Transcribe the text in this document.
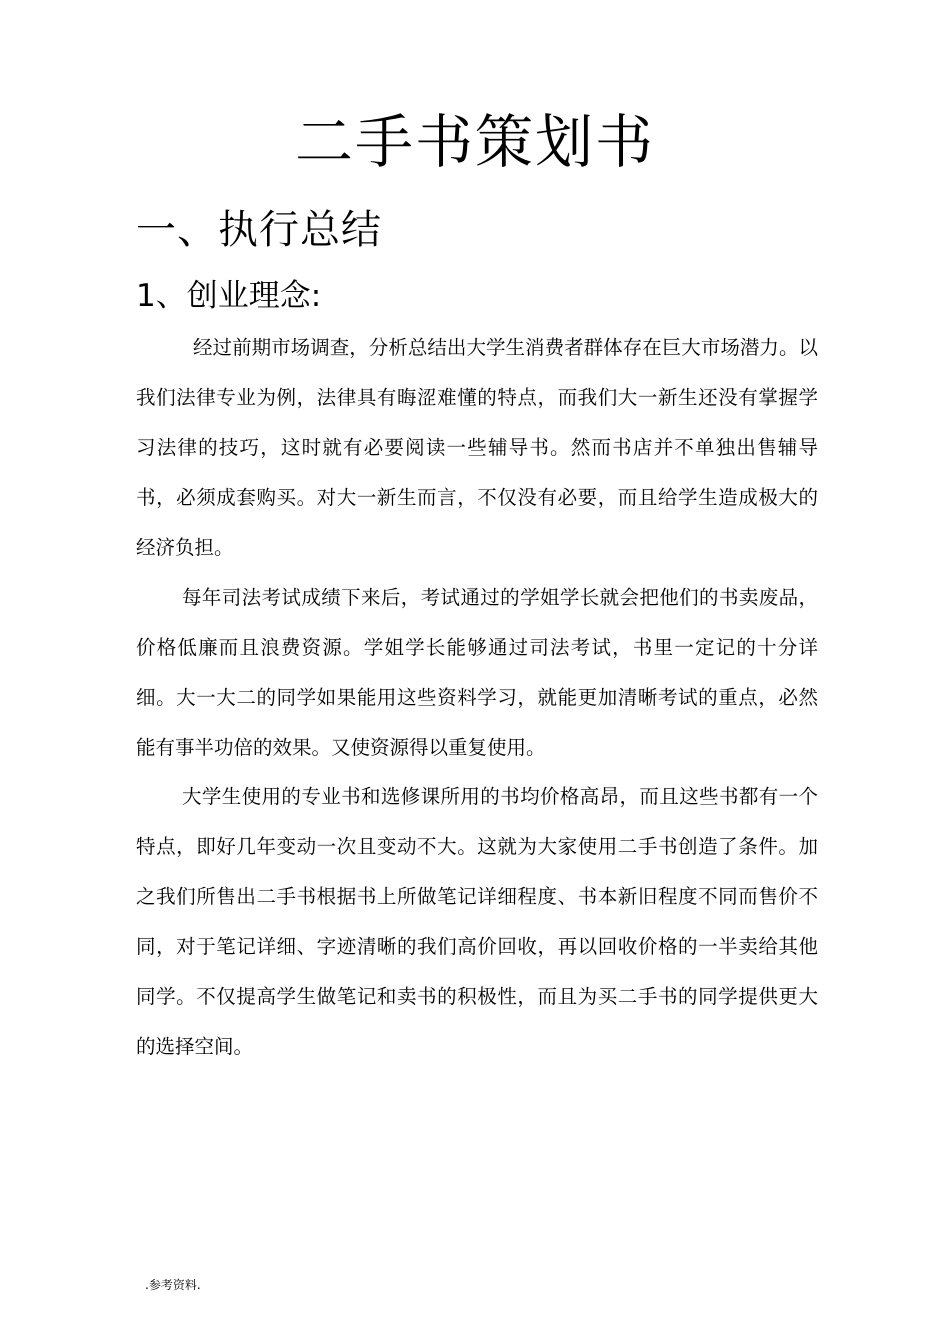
二手书策划书
一、执行总结
1、创业理念:

经过前期市场调查，分析总结出大学生消费者群体存在巨大市场潜力。以我们法律专业为例，法律具有晦涩难懂的特点，而我们大一新生还没有掌握学习法律的技巧，这时就有必要阅读一些辅导书。然而书店并不单独出售辅导书，必须成套购买。对大一新生而言，不仅没有必要，而且给学生造成极大的经济负担。

每年司法考试成绩下来后，考试通过的学姐学长就会把他们的书卖废品，价格低廉而且浪费资源。学姐学长能够通过司法考试，书里一定记的十分详细。大一大二的同学如果能用这些资料学习，就能更加清晰考试的重点，必然能有事半功倍的效果。又使资源得以重复使用。

大学生使用的专业书和选修课所用的书均价格高昂，而且这些书都有一个特点，即好几年变动一次且变动不大。这就为大家使用二手书创造了条件。加之我们所售出二手书根据书上所做笔记详细程度、书本新旧程度不同而售价不同，对于笔记详细、字迹清晰的我们高价回收，再以回收价格的一半卖给其他同学。不仅提高学生做笔记和卖书的积极性，而且为买二手书的同学提供更大的选择空间。

.参考资料.
